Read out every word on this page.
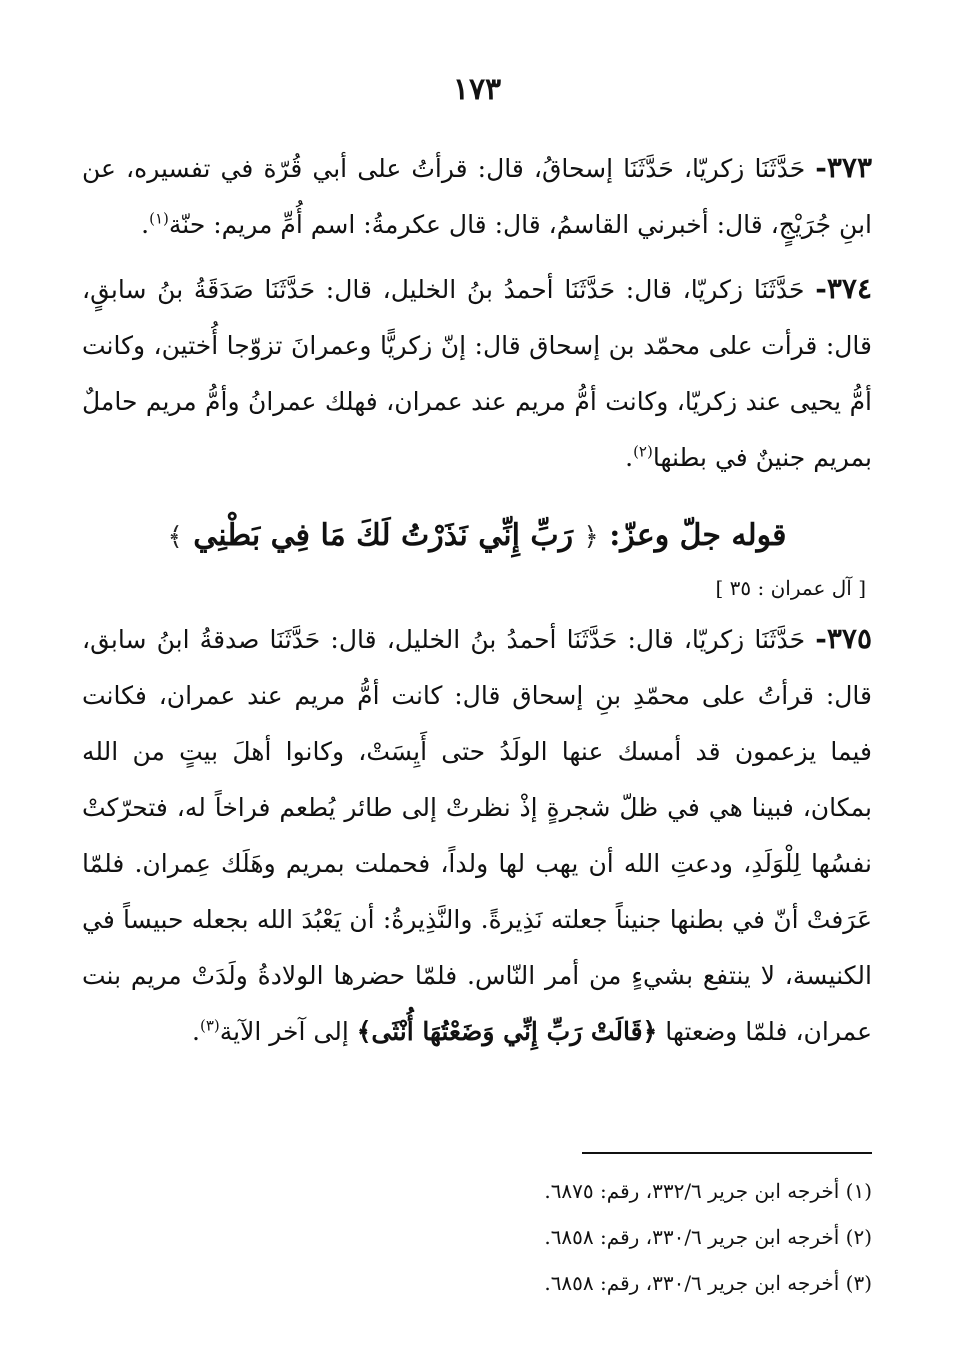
١٧٣

٣٧٣- حَدَّثَنَا زكريّا، حَدَّثَنَا إسحاقُ، قال: قرأتُ على أبي قُرّة في تفسيره، عن ابنِ جُرَيْجٍ، قال: أخبرني القاسمُ، قال: قال عكرمةُ: اسم أُمِّ مريم: حنّة$^{(١)}$.

٣٧٤- حَدَّثَنَا زكريّا، قال: حَدَّثَنَا أحمدُ بنُ الخليل، قال: حَدَّثَنَا صَدَقَةُ بنُ سابقٍ، قال: قرأت على محمّد بن إسحاق قال: إنّ زكريًّا وعمرانَ تزوّجا أُختين، وكانت أمُّ يحيى عند زكريّا، وكانت أمُّ مريم عند عمران، فهلك عمرانُ وأمُّ مريم حاملٌ بمريم جنينٌ في بطنها$^{(٢)}$.

قوله جلّ وعزّ: ﴿ رَبِّ إِنِّي نَذَرْتُ لَكَ مَا فِي بَطْنِي ﴾
[ آل عمران : ٣٥ ]

٣٧٥- حَدَّثَنَا زكريّا، قال: حَدَّثَنَا أحمدُ بنُ الخليل، قال: حَدَّثَنَا صدقةُ ابنُ سابق، قال: قرأتُ على محمّدِ بنِ إسحاق قال: كانت أمُّ مريم عند عمران، فكانت فيما يزعمون قد أمسك عنها الولَدُ حتى أَيِسَتْ، وكانوا أهلَ بيتٍ من الله بمكان، فبينا هي في ظلّ شجرةٍ إذْ نظرتْ إلى طائر يُطعم فراخاً له، فتحرّكتْ نفسُها لِلْوَلَدِ، ودعتِ الله أن يهب لها ولداً، فحملت بمريم وهَلَك عِمران. فلمّا عَرَفتْ أنّ في بطنها جنيناً جعلته نَذِيرةً. والنَّذِيرةُ: أن يَعْبُدَ الله بجعله حبيساً في الكنيسة، لا ينتفع بشيءٍ من أمر النّاس. فلمّا حضرها الولادةُ ولَدَتْ مريم بنت عمران، فلمّا وضعتها ﴿قَالَتْ رَبِّ إِنِّي وَضَعْتُهَا أُنْثَى﴾ إلى آخر الآية$^{(٣)}$.

(١) أخرجه ابن جرير ٣٣٢/٦، رقم: ٦٨٧٥.
(٢) أخرجه ابن جرير ٣٣٠/٦، رقم: ٦٨٥٨.
(٣) أخرجه ابن جرير ٣٣٠/٦، رقم: ٦٨٥٨.
